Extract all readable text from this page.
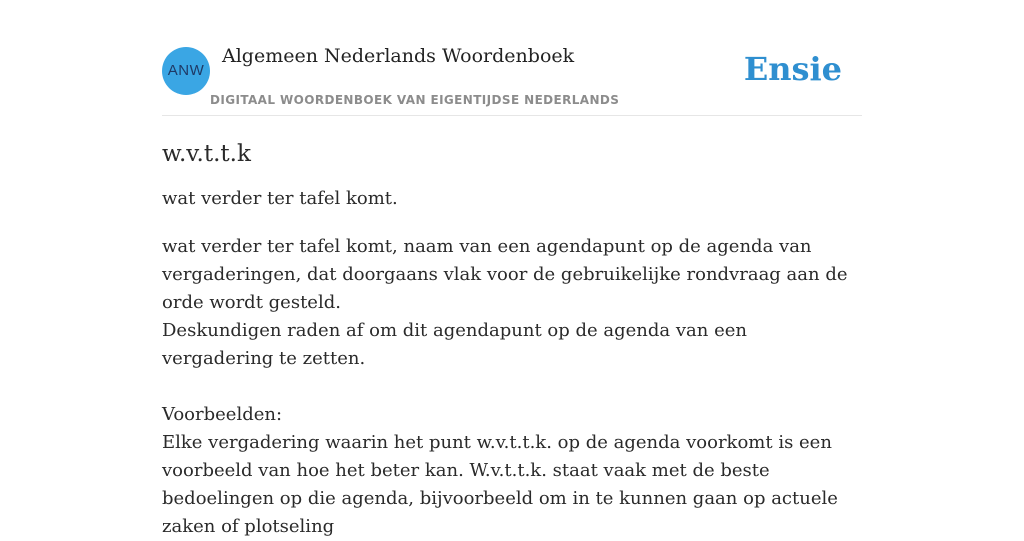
ANW
Algemeen Nederlands Woordenboek
DIGITAAL WOORDENBOEK VAN EIGENTIJDSE NEDERLANDS
Ensie
w.v.t.t.k

wat verder ter tafel komt.

wat verder ter tafel komt, naam van een agendapunt op de agenda van vergaderingen, dat doorgaans vlak voor de gebruikelijke rondvraag aan de orde wordt gesteld.

Deskundigen raden af om dit agendapunt op de agenda van een vergadering te zetten.

Voorbeelden:

Elke vergadering waarin het punt w.v.t.t.k. op de agenda voorkomt is een voorbeeld van hoe het beter kan. W.v.t.t.k. staat vaak met de beste bedoelingen op die agenda, bijvoorbeeld om in te kunnen gaan op actuele zaken of plotseling
